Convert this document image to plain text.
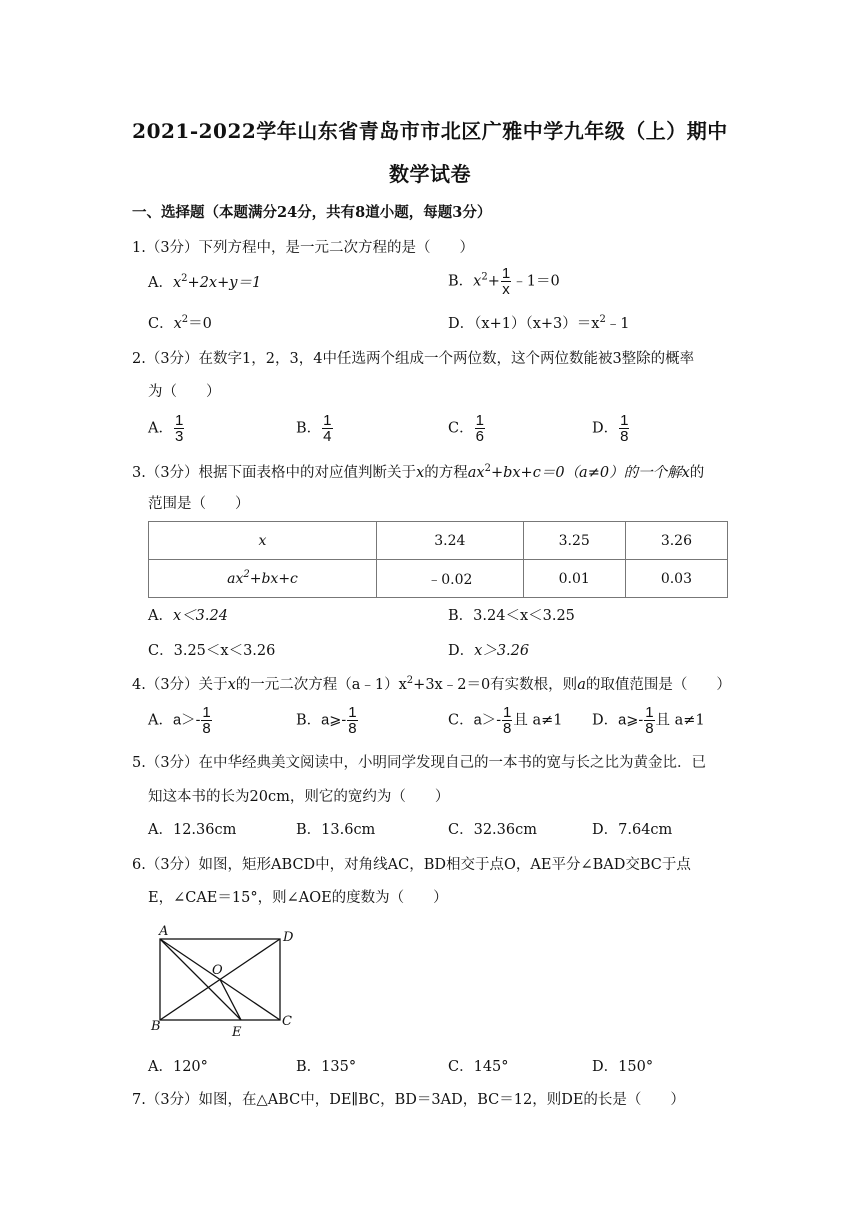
2021-2022学年山东省青岛市市北区广雅中学九年级（上）期中
数学试卷
一、选择题（本题满分24分，共有8道小题，每题3分）
1.（3分）下列方程中，是一元二次方程的是（　　）
A．$x^2+2x+y=1$	B．$x^2+ \frac{1}{x}$ ﹣1＝0
C．$x^2=0$	D．$(x+1)(x+3)=x^2﹣1$
2.（3分）在数字1，2，3，4中任选两个组成一个两位数，这个两位数能被3整除的概率
为（　　）
A． $\frac{1}{3}$	B． $\frac{1}{4}$	C． $\frac{1}{6}$	D． $\frac{1}{8}$
3.（3分）根据下面表格中的对应值判断关于x的方程$ax^2+bx+c=0(a\ne 0)$的一个解x的
范围是（　　）
x	3.24	3.25	3.26
$ax^2+bx+c$	﹣0.02	0.01	0.03
A．x＜3.24	B．3.24＜x＜3.25
C．3.25＜x＜3.26	D．x＞3.26
4.（3分）关于x的一元二次方程$(a﹣1)x^2+3x﹣2=0$有实数根，则a的取值范围是（　　）
A．$a>- \frac{1}{8}$	B．a⩾- $\frac{1}{8}$	C．$a>- \frac{1}{8}$ 且 a≠1 D．a⩾- $\frac{1}{8}$ 且 a≠1
5.（3分）在中华经典美文阅读中，小明同学发现自己的一本书的宽与长之比为黄金比．已
知这本书的长为20cm，则它的宽约为（　　）
A．12.36cm	B．13.6cm	C．32.36cm	D．7.64cm
6.（3分）如图，矩形ABCD中，对角线AC，BD相交于点O，AE平分∠BAD交BC于点
E，∠CAE＝15°，则∠AOE的度数为（　　）
A	D
B	C
O
E
A．120°	B．135°	C．145°	D．150°
7.（3分）如图，在△ABC中，DE∥BC，BD＝3AD，BC＝12，则DE的长是（　　）
